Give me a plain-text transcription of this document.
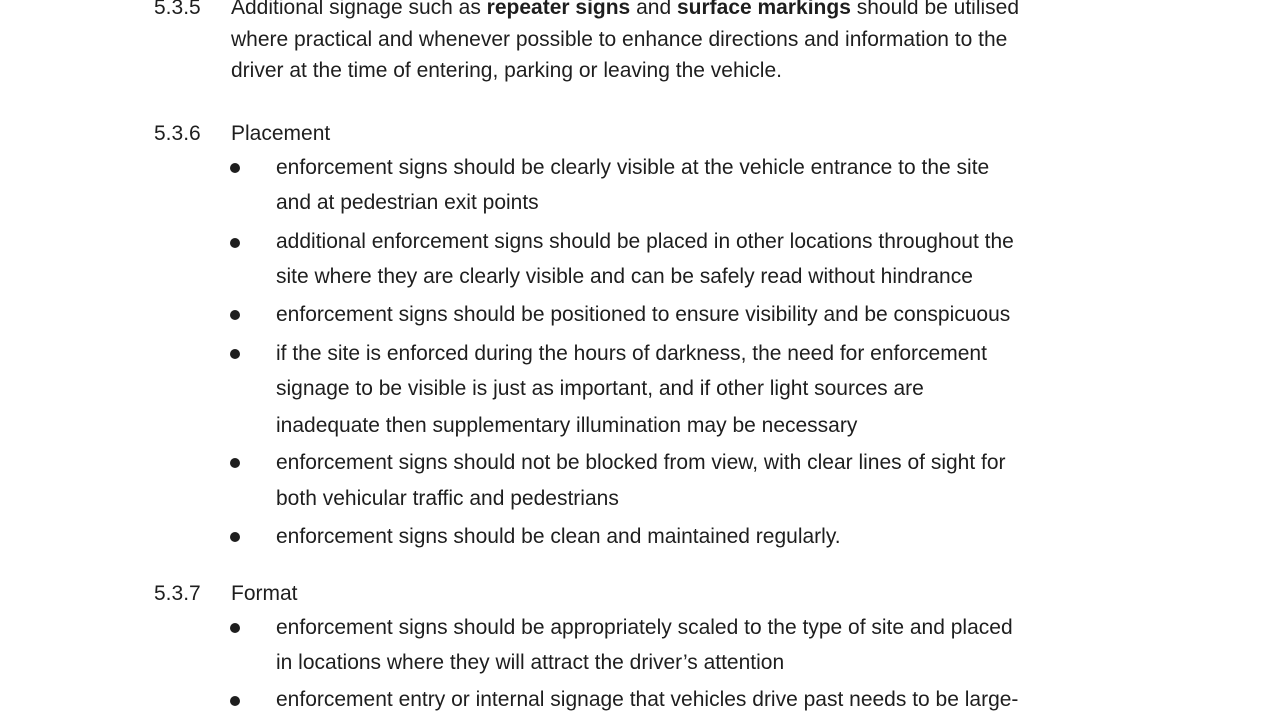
5.3.5 Additional signage such as repeater signs and surface markings should be utilised
where practical and whenever possible to enhance directions and information to the
driver at the time of entering, parking or leaving the vehicle.
5.3.6 Placement
enforcement signs should be clearly visible at the vehicle entrance to the site
and at pedestrian exit points
additional enforcement signs should be placed in other locations throughout the
site where they are clearly visible and can be safely read without hindrance
enforcement signs should be positioned to ensure visibility and be conspicuous
if the site is enforced during the hours of darkness, the need for enforcement
signage to be visible is just as important, and if other light sources are
inadequate then supplementary illumination may be necessary
enforcement signs should not be blocked from view, with clear lines of sight for
both vehicular traffic and pedestrians
enforcement signs should be clean and maintained regularly.
5.3.7 Format
enforcement signs should be appropriately scaled to the type of site and placed
in locations where they will attract the driver’s attention
enforcement entry or internal signage that vehicles drive past needs to be large-
